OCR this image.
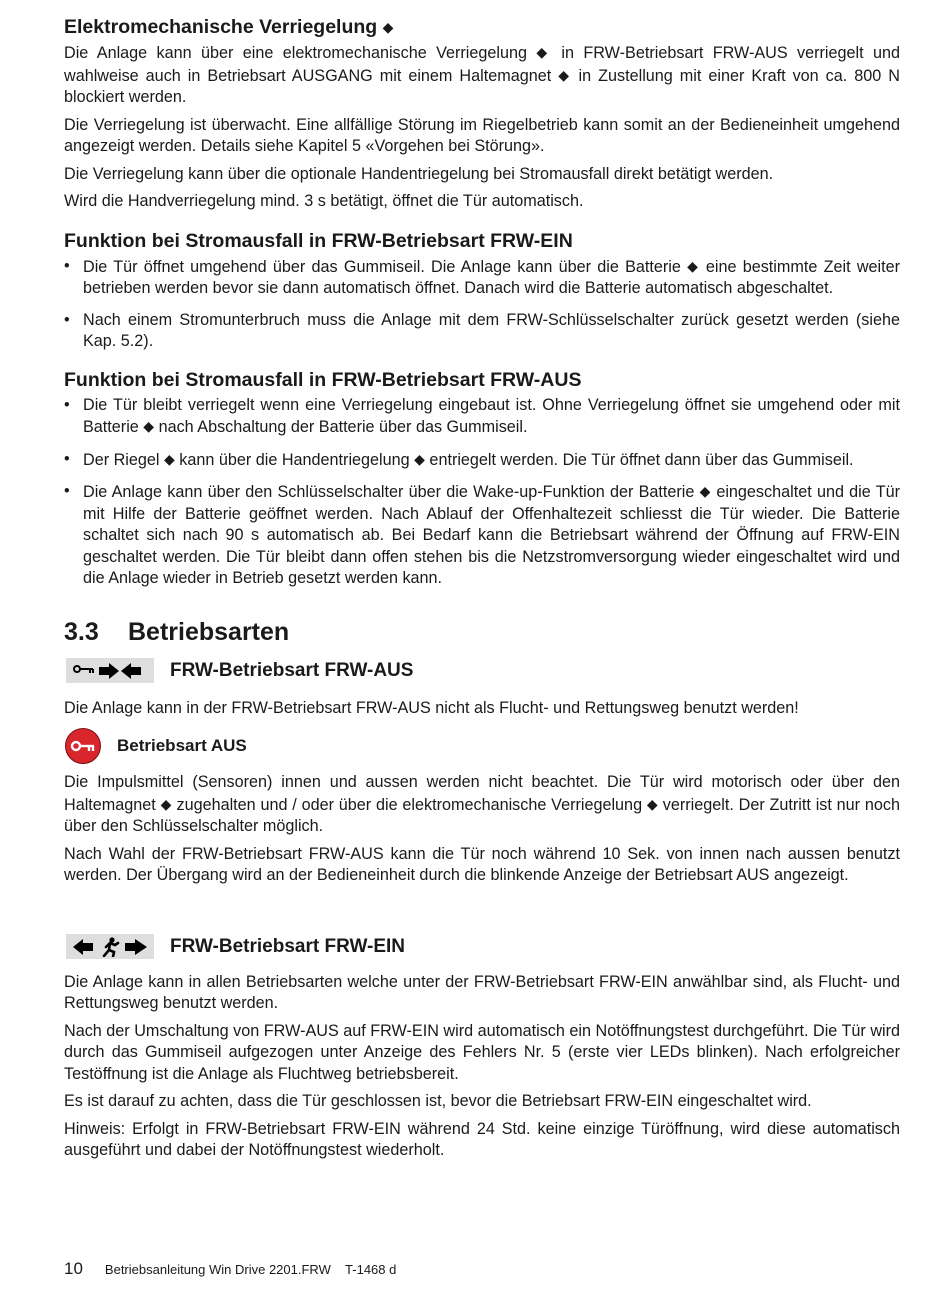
Elektromechanische Verriegelung ◆

Die Anlage kann über eine elektromechanische Verriegelung ◆ in FRW-Betriebsart FRW-AUS verriegelt und wahlweise auch in Betriebsart AUSGANG mit einem Haltemagnet ◆ in Zustellung mit einer Kraft von ca. 800 N blockiert werden.

Die Verriegelung ist überwacht. Eine allfällige Störung im Riegelbetrieb kann somit an der Bedieneinheit umgehend angezeigt werden. Details siehe Kapitel 5 «Vorgehen bei Störung».

Die Verriegelung kann über die optionale Handentriegelung bei Stromausfall direkt betätigt werden.

Wird die Handverriegelung mind. 3 s betätigt, öffnet die Tür automatisch.

Funktion bei Stromausfall in FRW-Betriebsart FRW-EIN
• Die Tür öffnet umgehend über das Gummiseil. Die Anlage kann über die Batterie ◆ eine bestimmte Zeit weiter betrieben werden bevor sie dann automatisch öffnet. Danach wird die Batterie automatisch abgeschaltet.
• Nach einem Stromunterbruch muss die Anlage mit dem FRW-Schlüsselschalter zurück gesetzt werden (siehe Kap. 5.2).
Funktion bei Stromausfall in FRW-Betriebsart FRW-AUS
• Die Tür bleibt verriegelt wenn eine Verriegelung eingebaut ist. Ohne Verriegelung öffnet sie umgehend oder mit Batterie ◆ nach Abschaltung der Batterie über das Gummiseil.
• Der Riegel ◆ kann über die Handentriegelung ◆ entriegelt werden. Die Tür öffnet dann über das Gummiseil.
• Die Anlage kann über den Schlüsselschalter über die Wake-up-Funktion der Batterie ◆ eingeschaltet und die Tür mit Hilfe der Batterie geöffnet werden. Nach Ablauf der Offenhaltezeit schliesst die Tür wieder. Die Batterie schaltet sich nach 90 s automatisch ab. Bei Bedarf kann die Betriebsart während der Öffnung auf FRW-EIN geschaltet werden. Die Tür bleibt dann offen stehen bis die Netzstromversorgung wieder eingeschaltet wird und die Anlage wieder in Betrieb gesetzt werden kann.
3.3 Betriebsarten
FRW-Betriebsart FRW-AUS

Die Anlage kann in der FRW-Betriebsart FRW-AUS nicht als Flucht- und Rettungsweg benutzt werden!

Betriebsart AUS

Die Impulsmittel (Sensoren) innen und aussen werden nicht beachtet. Die Tür wird motorisch oder über den Haltemagnet ◆ zugehalten und / oder über die elektromechanische Verriegelung ◆ verriegelt. Der Zutritt ist nur noch über den Schlüsselschalter möglich.

Nach Wahl der FRW-Betriebsart FRW-AUS kann die Tür noch während 10 Sek. von innen nach aussen benutzt werden. Der Übergang wird an der Bedieneinheit durch die blinkende Anzeige der Betriebsart AUS angezeigt.

FRW-Betriebsart FRW-EIN

Die Anlage kann in allen Betriebsarten welche unter der FRW-Betriebsart FRW-EIN anwählbar sind, als Flucht- und Rettungsweg benutzt werden.

Nach der Umschaltung von FRW-AUS auf FRW-EIN wird automatisch ein Notöffnungstest durchgeführt. Die Tür wird durch das Gummiseil aufgezogen unter Anzeige des Fehlers Nr. 5 (erste vier LEDs blinken). Nach erfolgreicher Testöffnung ist die Anlage als Fluchtweg betriebsbereit.

Es ist darauf zu achten, dass die Tür geschlossen ist, bevor die Betriebsart FRW-EIN eingeschaltet wird.

Hinweis: Erfolgt in FRW-Betriebsart FRW-EIN während 24 Std. keine einzige Türöffnung, wird diese automatisch ausgeführt und dabei der Notöffnungstest wiederholt.

10 Betriebsanleitung Win Drive 2201.FRW    T-1468 d
